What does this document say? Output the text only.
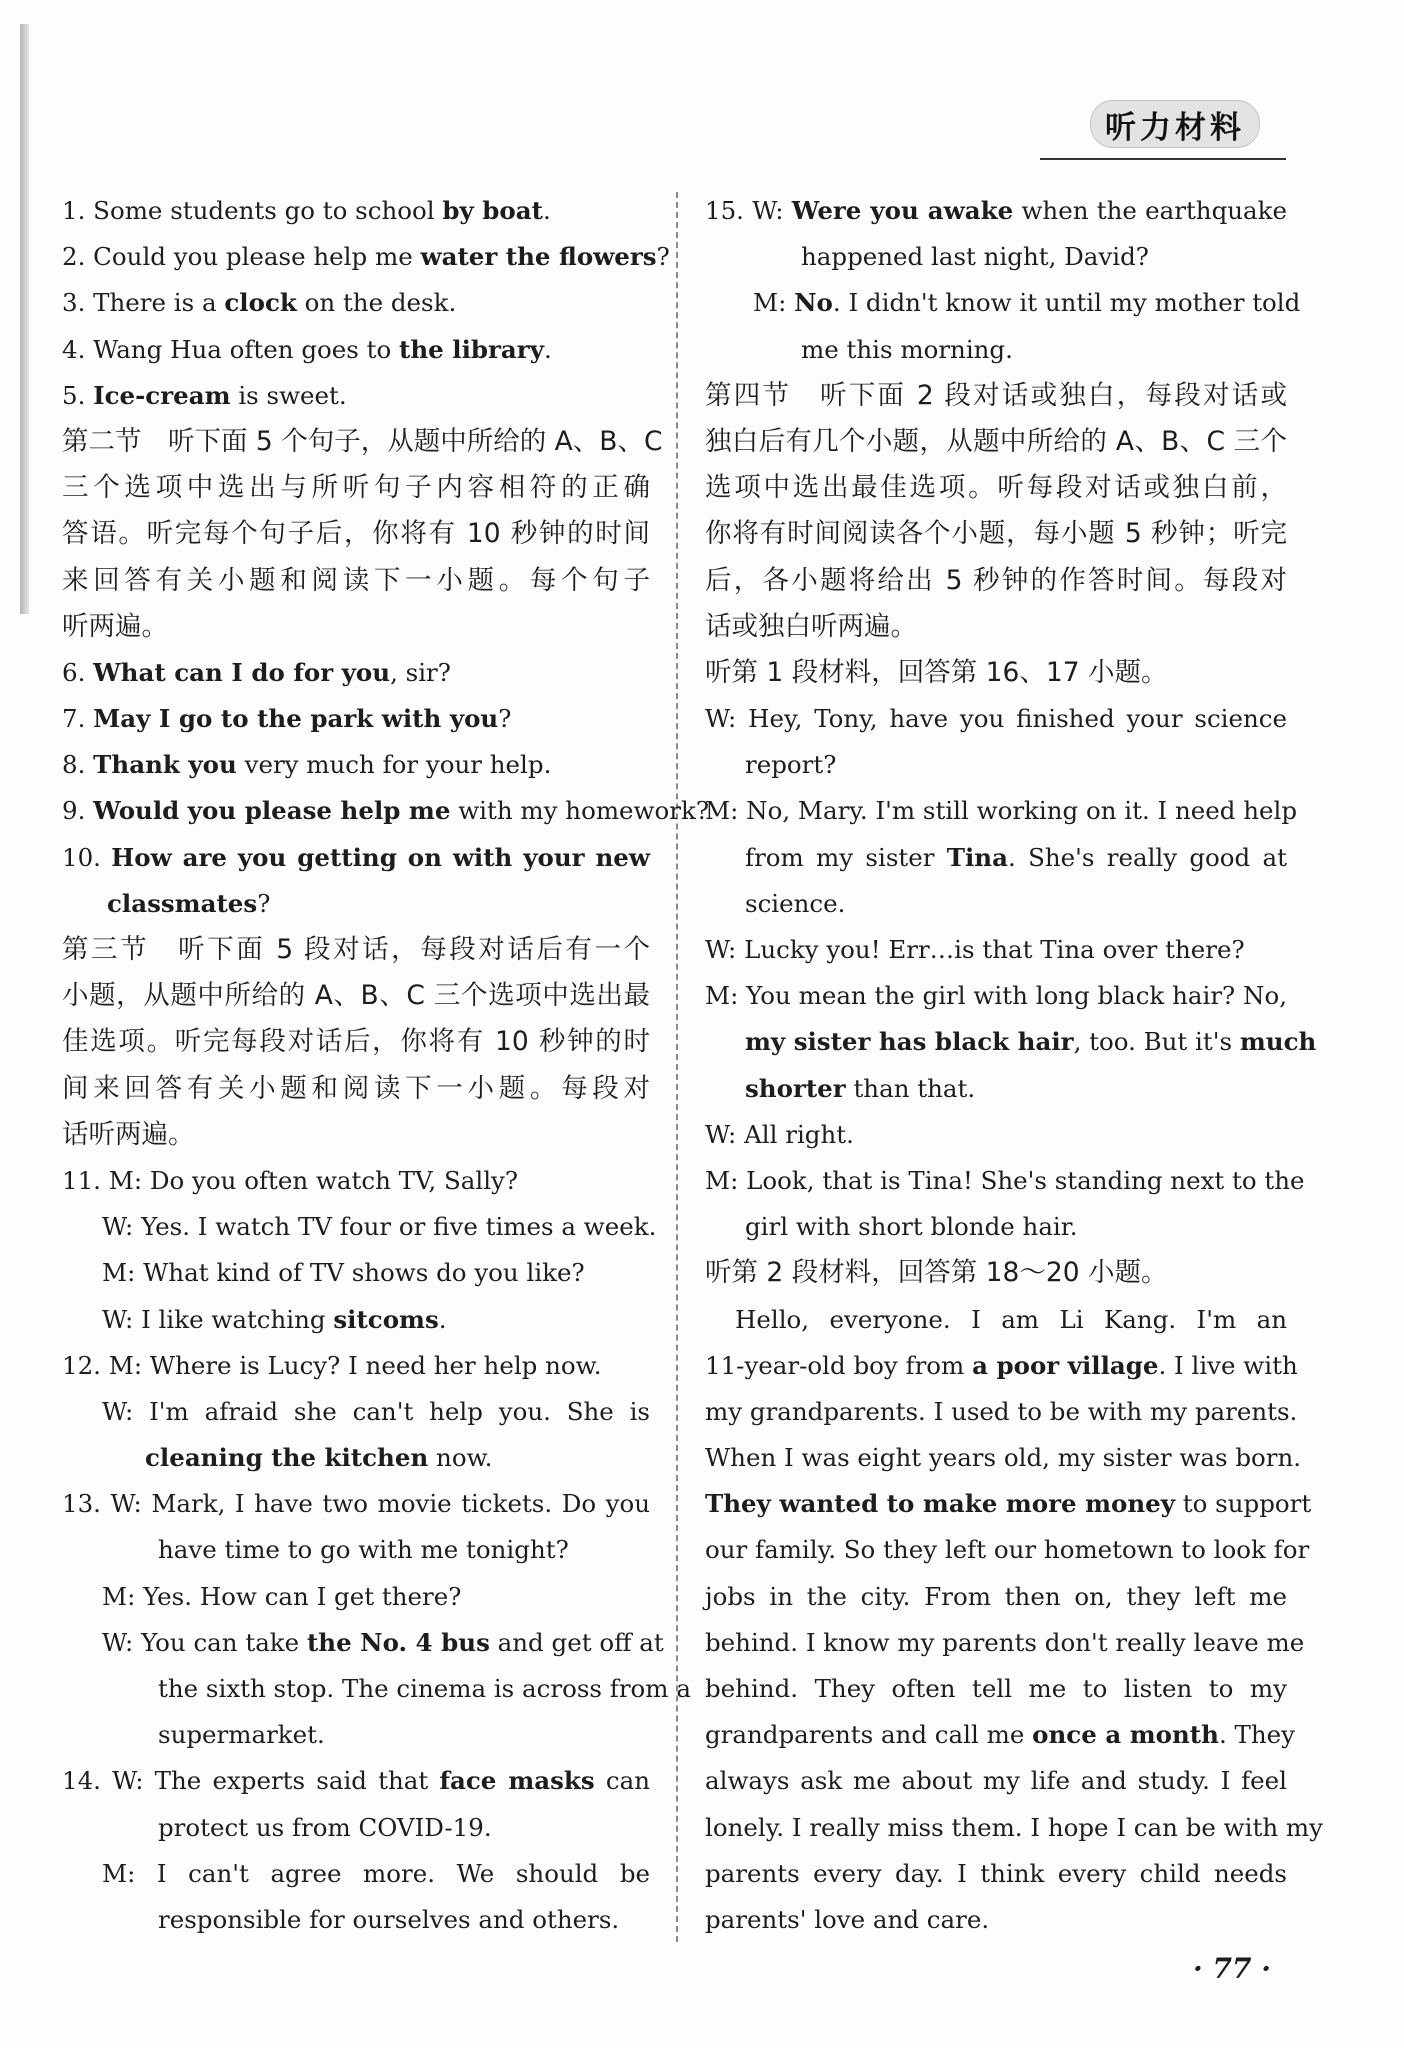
听力材料
1. Some students go to school by boat.
2. Could you please help me water the flowers?
3. There is a clock on the desk.
4. Wang Hua often goes to the library.
5. Ice-cream is sweet.
第二节　听下面 5 个句子，从题中所给的 A、B、C
三个选项中选出与所听句子内容相符的正确
答语。听完每个句子后，你将有 10 秒钟的时间
来回答有关小题和阅读下一小题。每个句子
听两遍。
6. What can I do for you, sir?
7. May I go to the park with you?
8. Thank you very much for your help.
9. Would you please help me with my homework?
10. How are you getting on with your new
classmates?
第三节　听下面 5 段对话，每段对话后有一个
小题，从题中所给的 A、B、C 三个选项中选出最
佳选项。听完每段对话后，你将有 10 秒钟的时
间来回答有关小题和阅读下一小题。每段对
话听两遍。
11. M: Do you often watch TV, Sally?
W: Yes. I watch TV four or five times a week.
M: What kind of TV shows do you like?
W: I like watching sitcoms.
12. M: Where is Lucy? I need her help now.
W: I'm afraid she can't help you. She is
cleaning the kitchen now.
13. W: Mark, I have two movie tickets. Do you
have time to go with me tonight?
M: Yes. How can I get there?
W: You can take the No. 4 bus and get off at
the sixth stop. The cinema is across from a
supermarket.
14. W: The experts said that face masks can
protect us from COVID-19.
M: I can't agree more. We should be
responsible for ourselves and others.
15. W: Were you awake when the earthquake
happened last night, David?
M: No. I didn't know it until my mother told
me this morning.
第四节　听下面 2 段对话或独白，每段对话或
独白后有几个小题，从题中所给的 A、B、C 三个
选项中选出最佳选项。听每段对话或独白前，
你将有时间阅读各个小题，每小题 5 秒钟；听完
后，各小题将给出 5 秒钟的作答时间。每段对
话或独白听两遍。
听第 1 段材料，回答第 16、17 小题。
W: Hey, Tony, have you finished your science
report?
M: No, Mary. I'm still working on it. I need help
from my sister Tina. She's really good at
science.
W: Lucky you! Err…is that Tina over there?
M: You mean the girl with long black hair? No,
my sister has black hair, too. But it's much
shorter than that.
W: All right.
M: Look, that is Tina! She's standing next to the
girl with short blonde hair.
听第 2 段材料，回答第 18～20 小题。
Hello, everyone. I am Li Kang. I'm an
11-year-old boy from a poor village. I live with
my grandparents. I used to be with my parents.
When I was eight years old, my sister was born.
They wanted to make more money to support
our family. So they left our hometown to look for
jobs in the city. From then on, they left me
behind. I know my parents don't really leave me
behind. They often tell me to listen to my
grandparents and call me once a month. They
always ask me about my life and study. I feel
lonely. I really miss them. I hope I can be with my
parents every day. I think every child needs
parents' love and care.
· 77 ·
